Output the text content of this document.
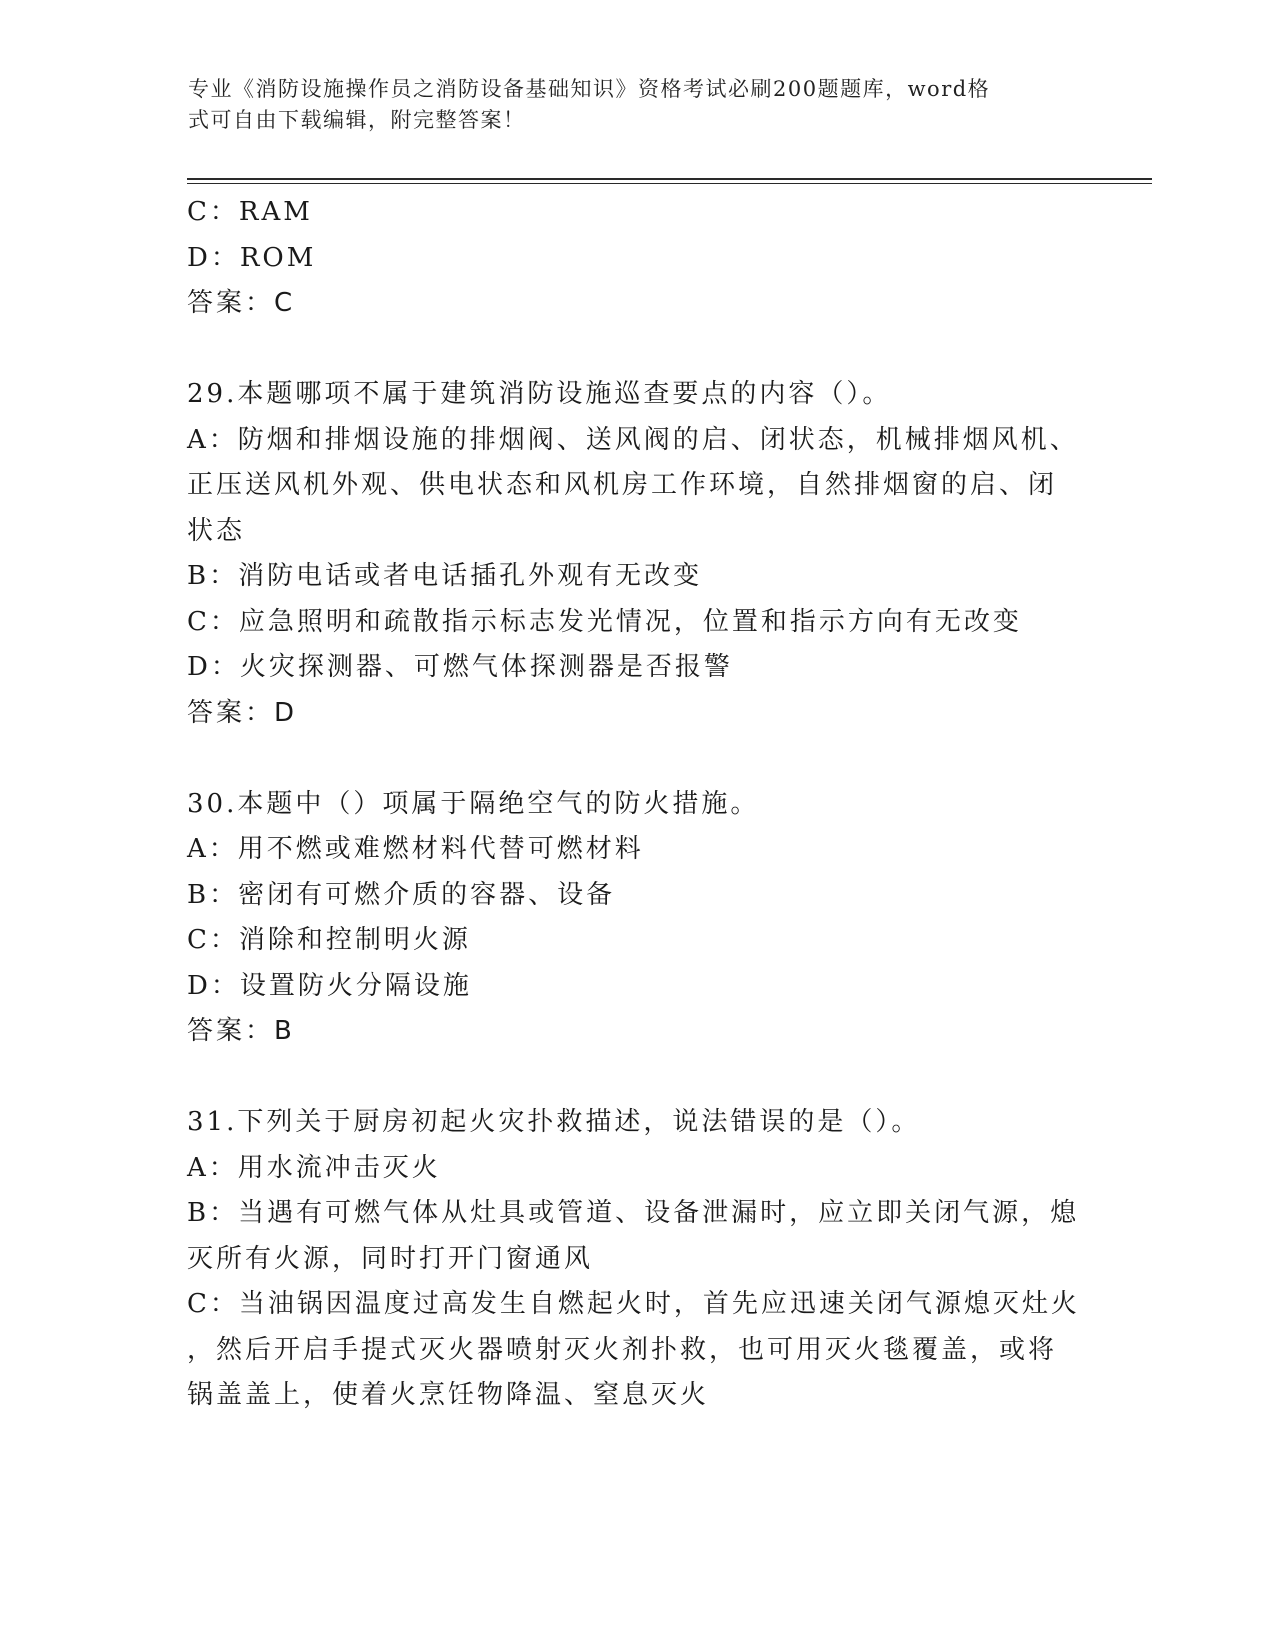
专业《消防设施操作员之消防设备基础知识》资格考试必刷200题题库，word格
式可自由下载编辑，附完整答案！
C：RAM
D：ROM
答案：C
29.本题哪项不属于建筑消防设施巡查要点的内容（）。
A：防烟和排烟设施的排烟阀、送风阀的启、闭状态，机械排烟风机、
正压送风机外观、供电状态和风机房工作环境，自然排烟窗的启、闭
状态
B：消防电话或者电话插孔外观有无改变
C：应急照明和疏散指示标志发光情况，位置和指示方向有无改变
D：火灾探测器、可燃气体探测器是否报警
答案：D
30.本题中（）项属于隔绝空气的防火措施。
A：用不燃或难燃材料代替可燃材料
B：密闭有可燃介质的容器、设备
C：消除和控制明火源
D：设置防火分隔设施
答案：B
31.下列关于厨房初起火灾扑救描述，说法错误的是（）。
A：用水流冲击灭火
B：当遇有可燃气体从灶具或管道、设备泄漏时，应立即关闭气源，熄
灭所有火源，同时打开门窗通风
C：当油锅因温度过高发生自燃起火时，首先应迅速关闭气源熄灭灶火
，然后开启手提式灭火器喷射灭火剂扑救，也可用灭火毯覆盖，或将
锅盖盖上，使着火烹饪物降温、窒息灭火
